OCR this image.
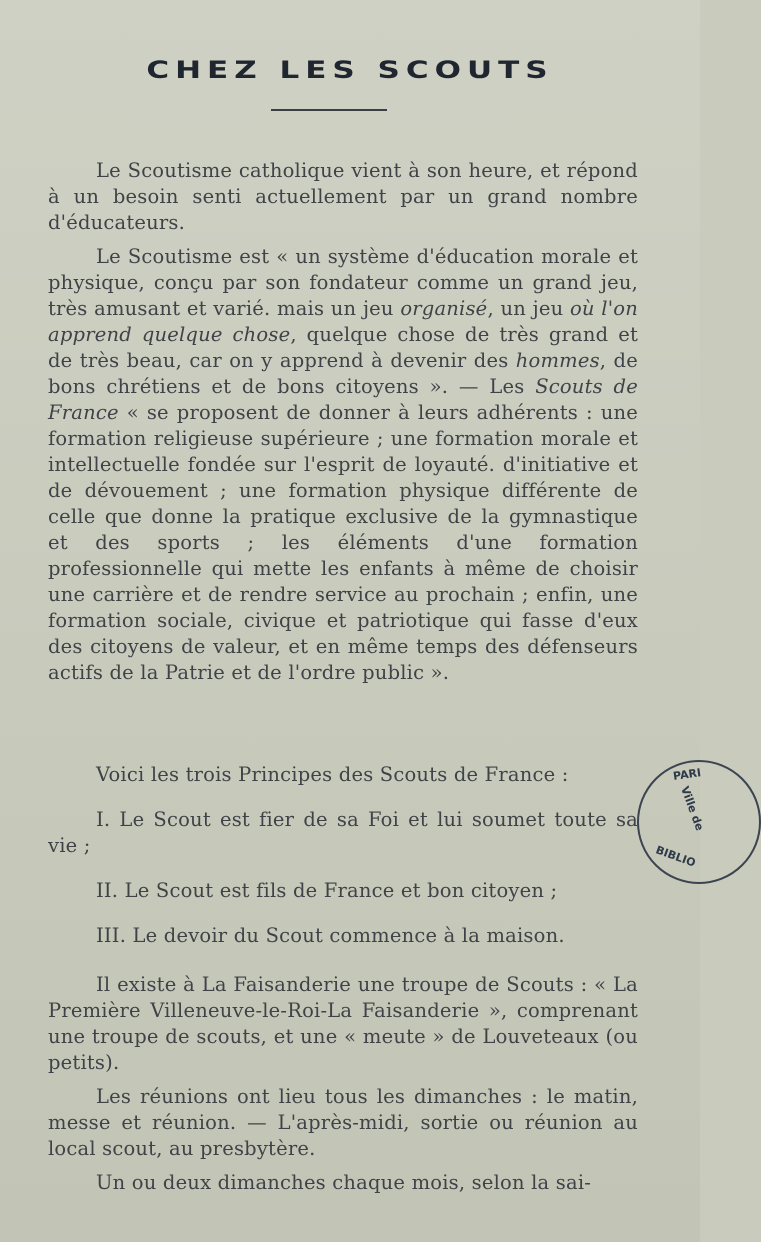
CHEZ LES SCOUTS

Le Scoutisme catholique vient à son heure, et répond à un besoin senti actuellement par un grand nombre d'éducateurs.

Le Scoutisme est « un système d'éducation morale et physique, conçu par son fondateur comme un grand jeu, très amusant et varié. mais un jeu organisé, un jeu où l'on apprend quelque chose, quelque chose de très grand et de très beau, car on y apprend à devenir des hommes, de bons chrétiens et de bons citoyens ». — Les Scouts de France « se proposent de donner à leurs adhérents : une formation religieuse supérieure ; une formation morale et intellectuelle fondée sur l'esprit de loyauté. d'initiative et de dévouement ; une formation physique différente de celle que donne la pratique exclusive de la gymnastique et des sports ; les éléments d'une formation professionnelle qui mette les enfants à même de choisir une carrière et de rendre service au prochain ; enfin, une formation sociale, civique et patriotique qui fasse d'eux des citoyens de valeur, et en même temps des défenseurs actifs de la Patrie et de l'ordre public ».

Voici les trois Principes des Scouts de France :

I. Le Scout est fier de sa Foi et lui soumet toute sa vie ;

II. Le Scout est fils de France et bon citoyen ;

III. Le devoir du Scout commence à la maison.

Il existe à La Faisanderie une troupe de Scouts : « La Première Villeneuve-le-Roi-La Faisanderie », comprenant une troupe de scouts, et une « meute » de Louveteaux (ou petits).

Les réunions ont lieu tous les dimanches : le matin, messe et réunion. — L'après-midi, sortie ou réunion au local scout, au presbytère.

Un ou deux dimanches chaque mois, selon la sai-

PARI
Ville de
BIBLIO
